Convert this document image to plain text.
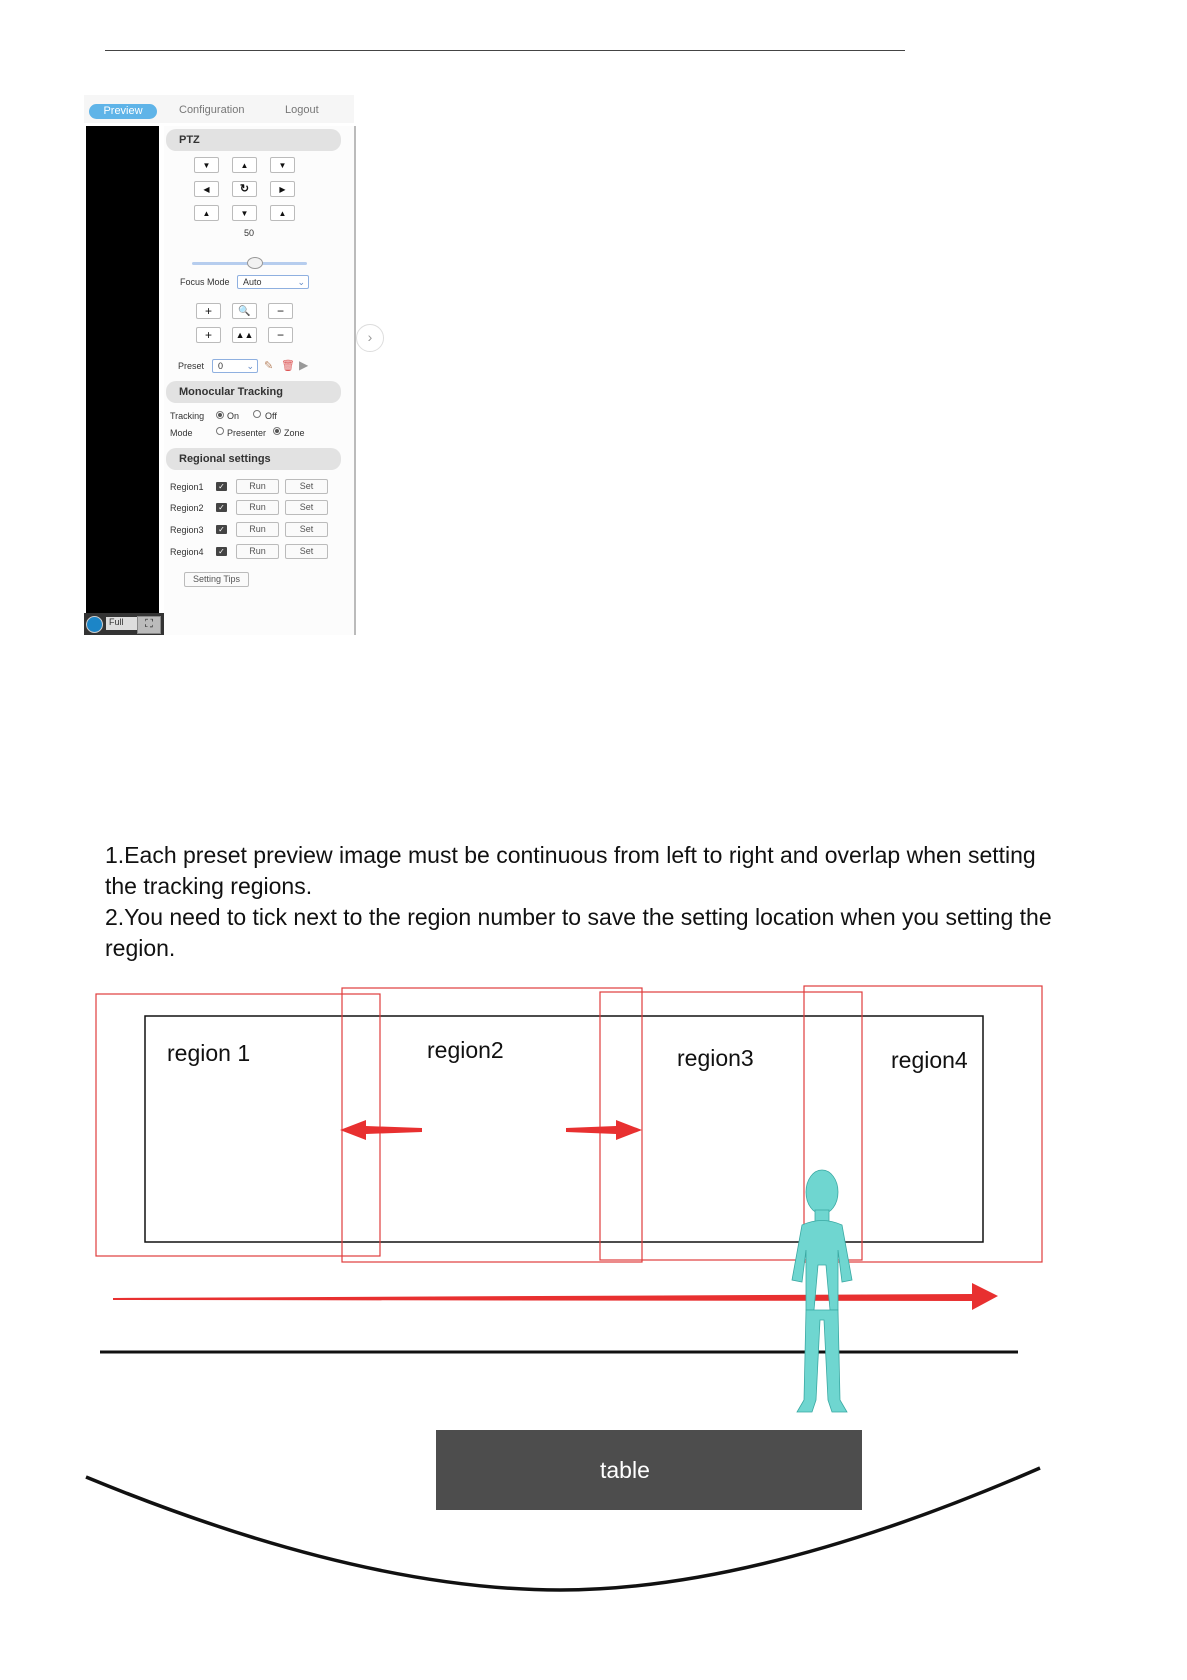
Preview	Configuration	Logout
Full	⛶
PTZ
▼	▲	▼
◀	↻	▶
▲	▼	▲
50
Focus Mode	Auto	⌄
+	🔍	−
+	▲▲	−	›
Preset	0	⌄ ✎ 🗑 ▶
Monocular Tracking
Tracking	On	Off
Mode	Presenter Zone
Regional settings
Region1 ✓	Run	Set
Region2 ✓	Run	Set
Region3 ✓	Run	Set
Region4 ✓	Run	Set
Setting Tips

1.Each preset preview image must be continuous from left to right and overlap when setting the tracking regions.

2.You need to tick next to the region number to save the setting location when you setting the region.

region 1	region2	region3	region4
table
